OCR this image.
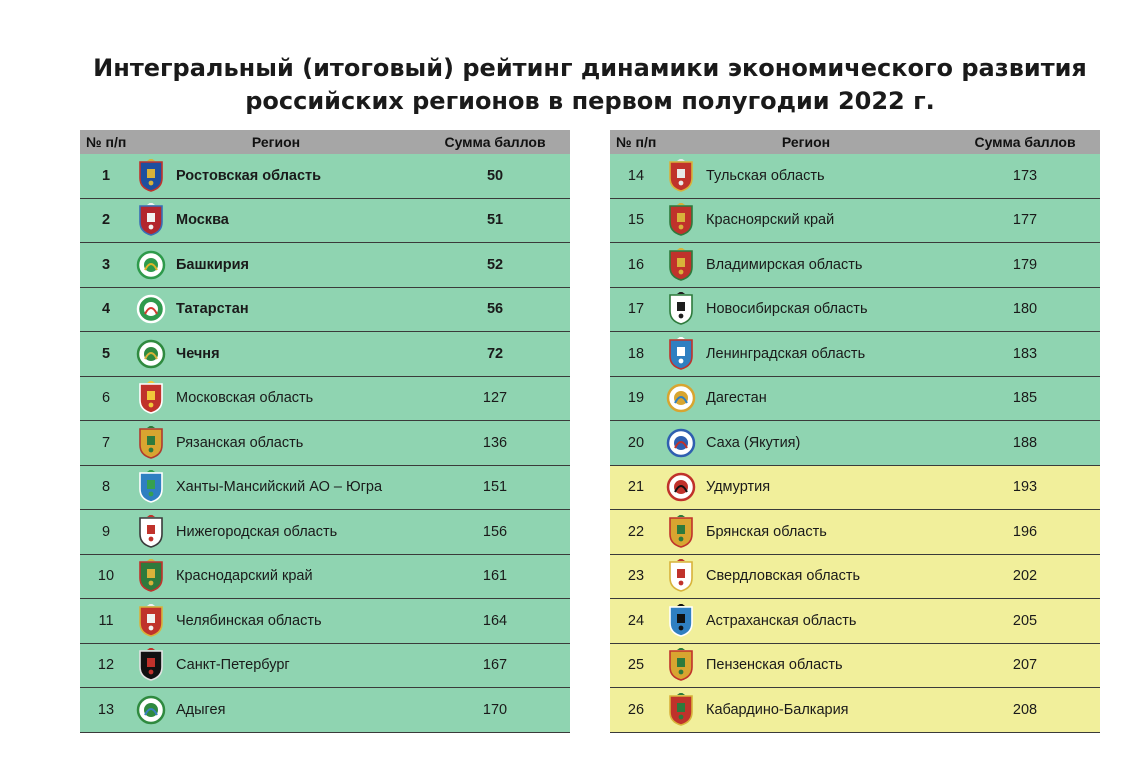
Интегральный (итоговый) рейтинг динамики экономического развития
российских регионов в первом полугодии 2022 г.
№ п/п	Регион		Сумма баллов
1		Ростовская область	50
2		Москва	51
3		Башкирия	52
4		Татарстан	56
5		Чечня	72
6		Московская область	127
7		Рязанская область	136
8		Ханты-Мансийский АО – Югра	151
9		Нижегородская область	156
10		Краснодарский край	161
11		Челябинская область	164
12		Санкт-Петербург	167
13		Адыгея	170
№ п/п	Регион		Сумма баллов
14		Тульская область	173
15		Красноярский край	177
16		Владимирская область	179
17		Новосибирская область	180
18		Ленинградская область	183
19		Дагестан	185
20		Саха (Якутия)	188
21		Удмуртия	193
22		Брянская область	196
23		Свердловская область	202
24		Астраханская область	205
25		Пензенская область	207
26		Кабардино-Балкария	208
